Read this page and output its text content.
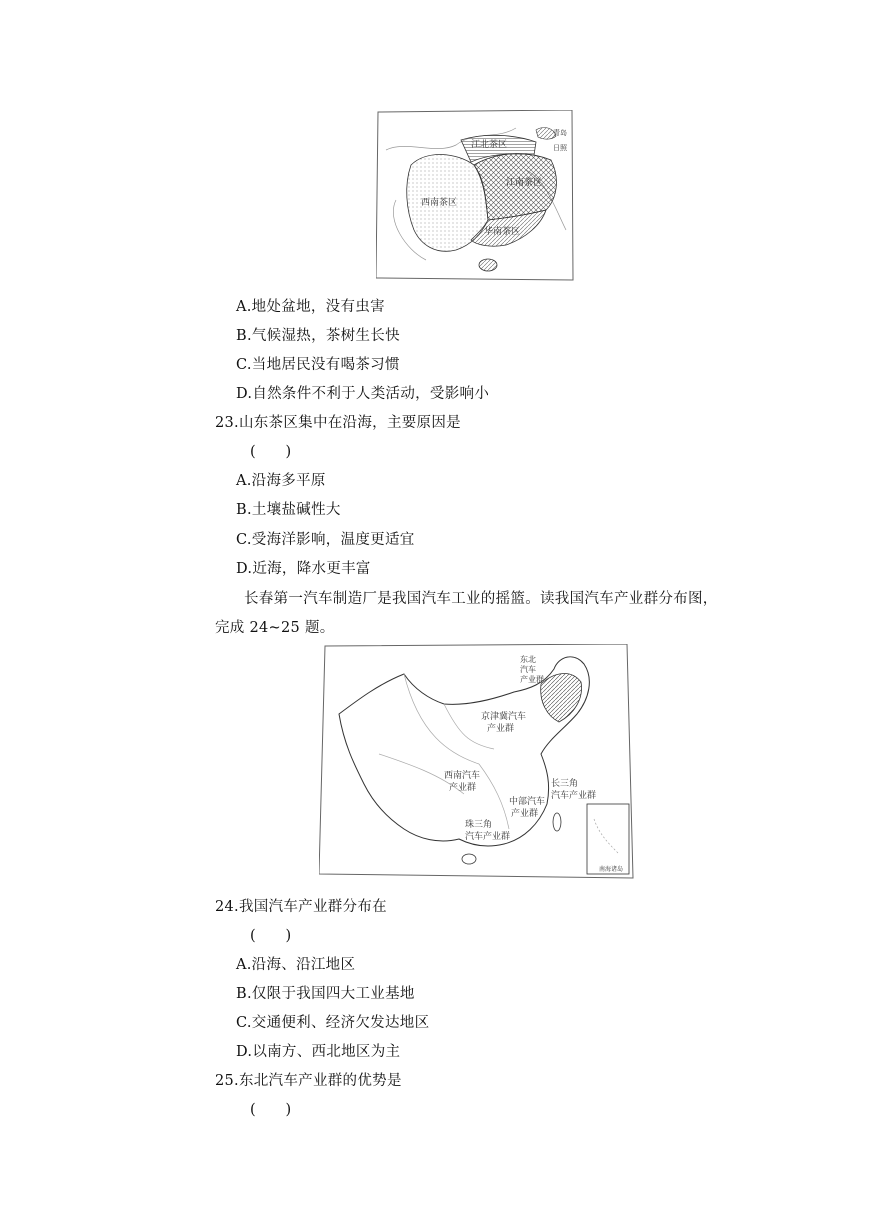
江北茶区
江南茶区
西南茶区
华南茶区
青岛
日照
A.地处盆地，没有虫害
B.气候湿热，茶树生长快
C.当地居民没有喝茶习惯
D.自然条件不利于人类活动，受影响小
23.山东茶区集中在沿海，主要原因是
(　　)
A.沿海多平原
B.土壤盐碱性大
C.受海洋影响，温度更适宜
D.近海，降水更丰富
长春第一汽车制造厂是我国汽车工业的摇篮。读我国汽车产业群分布图，
完成 24~25 题。
东北
汽车
产业群
京津冀汽车
产业群
西南汽车
产业群	长三角
汽车产业群
中部汽车
产业群
珠三角
汽车产业群
南海诸岛
24.我国汽车产业群分布在
(　　)
A.沿海、沿江地区
B.仅限于我国四大工业基地
C.交通便利、经济欠发达地区
D.以南方、西北地区为主
25.东北汽车产业群的优势是
(　　)
